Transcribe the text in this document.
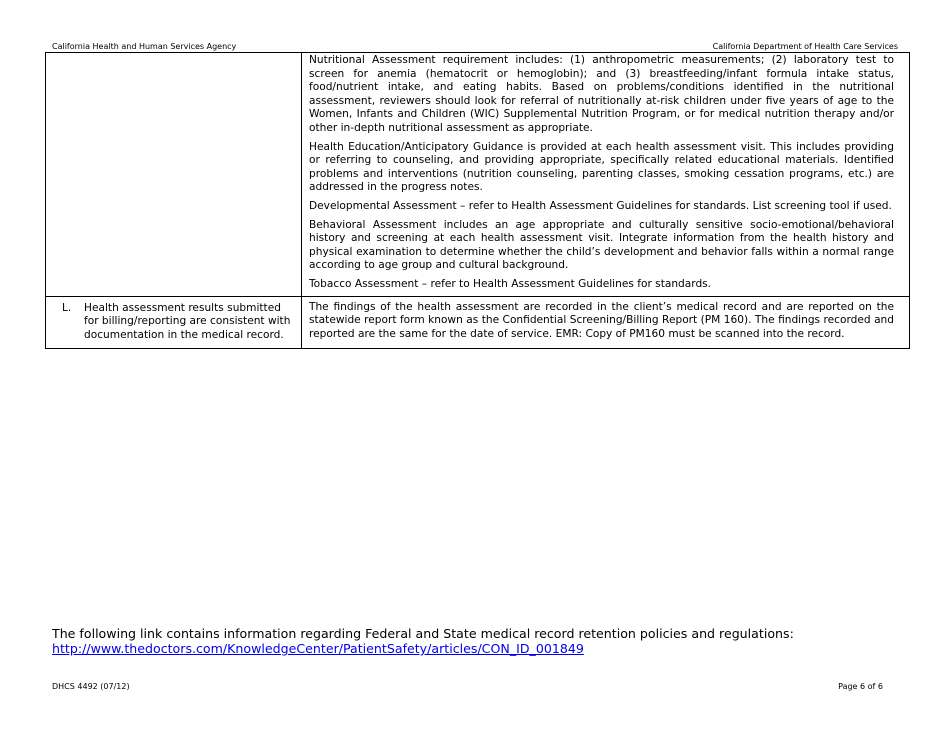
California Health and Human Services Agency	California Department of Health Care Services

	Nutritional Assessment requirement includes: (1) anthropometric measurements; (2) laboratory test to screen for anemia (hematocrit or hemoglobin); and (3) breastfeeding/infant formula intake status, food/nutrient intake, and eating habits. Based on problems/conditions identified in the nutritional assessment, reviewers should look for referral of nutritionally at-risk children under five years of age to the Women, Infants and Children (WIC) Supplemental Nutrition Program, or for medical nutrition therapy and/or other in-depth nutritional assessment as appropriate.

Health Education/Anticipatory Guidance is provided at each health assessment visit. This includes providing or referring to counseling, and providing appropriate, specifically related educational materials. Identified problems and interventions (nutrition counseling, parenting classes, smoking cessation programs, etc.) are addressed in the progress notes.

Developmental Assessment – refer to Health Assessment Guidelines for standards. List screening tool if used.

Behavioral Assessment includes an age appropriate and culturally sensitive socio-emotional/behavioral history and screening at each health assessment visit. Integrate information from the health history and physical examination to determine whether the child’s development and behavior falls within a normal range according to age group and cultural background.

Tobacco Assessment – refer to Health Assessment Guidelines for standards.

L. Health assessment results submitted for billing/reporting are consistent with documentation in the medical record.	The findings of the health assessment are recorded in the client’s medical record and are reported on the statewide report form known as the Confidential Screening/Billing Report (PM 160). The findings recorded and reported are the same for the date of service. EMR: Copy of PM160 must be scanned into the record.

The following link contains information regarding Federal and State medical record retention policies and regulations:
http://www.thedoctors.com/KnowledgeCenter/PatientSafety/articles/CON_ID_001849
DHCS 4492 (07/12)	Page 6 of 6
